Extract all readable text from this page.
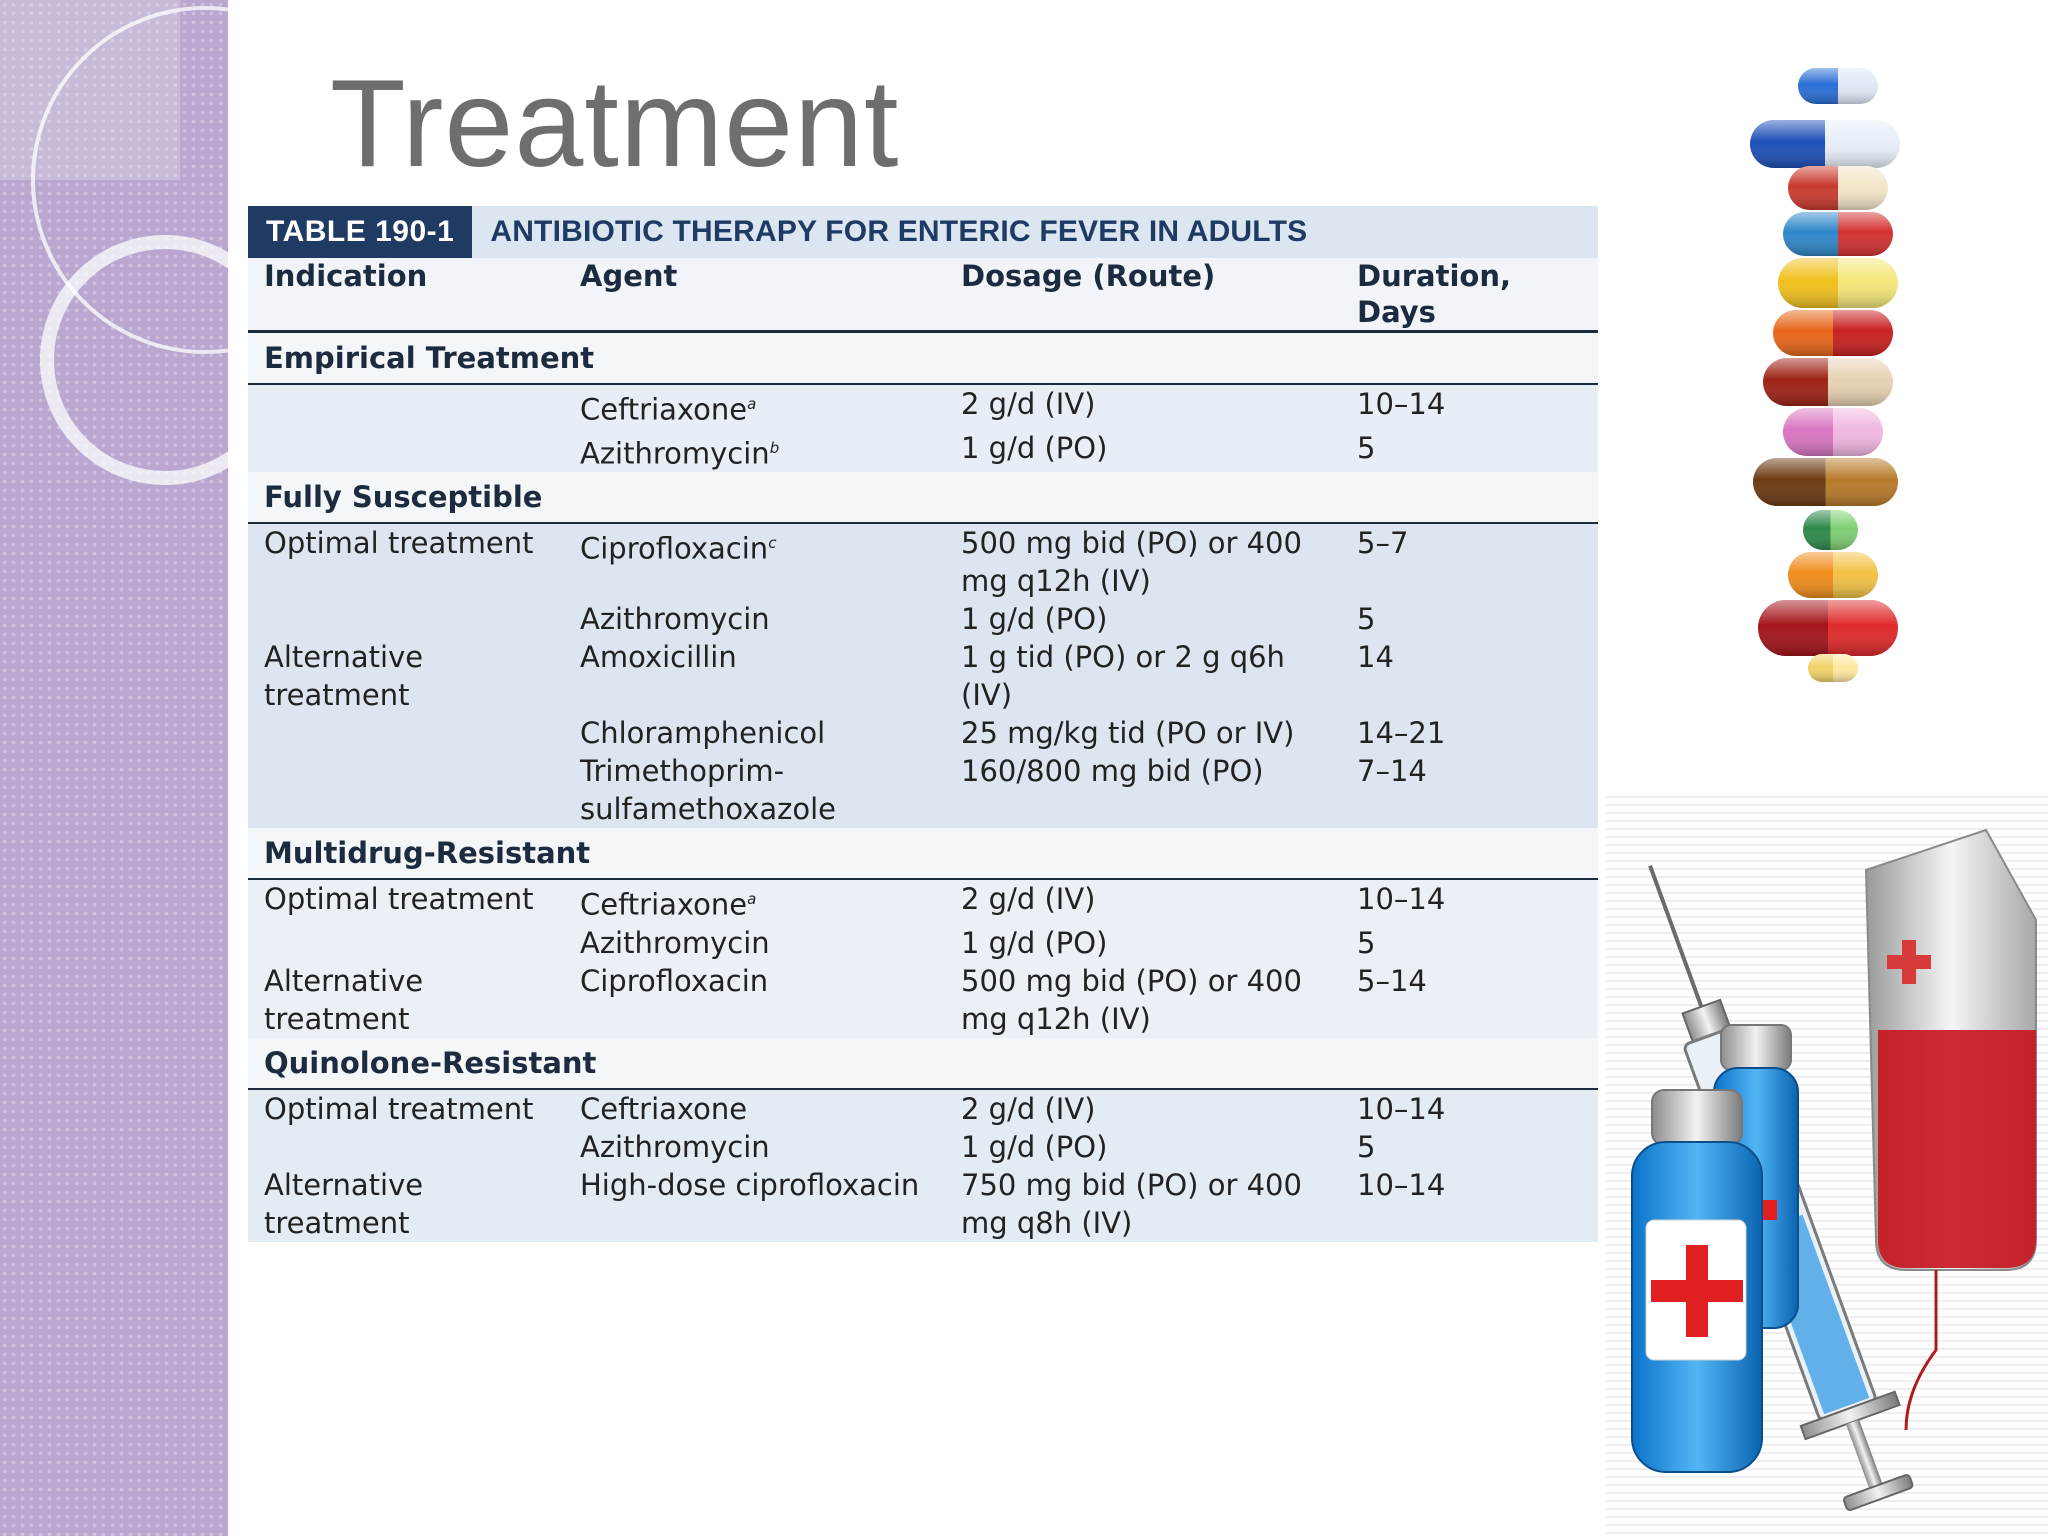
Treatment
TABLE 190-1	ANTIBIOTIC THERAPY FOR ENTERIC FEVER IN ADULTS
Indication	Agent	Dosage (Route)	Duration,
Days
Empirical Treatment			
	Ceftriaxone$^a$	2 g/d (IV)	10–14
	Azithromycin$^b$	1 g/d (PO)	5
Fully Susceptible			
Optimal treatment	Ciprofloxacin$^c$	500 mg bid (PO) or 400 mg q12h (IV)	5–7
	Azithromycin	1 g/d (PO)	5
Alternative treatment	Amoxicillin	1 g tid (PO) or 2 g q6h (IV)	14
	Chloramphenicol	25 mg/kg tid (PO or IV)	14–21
	Trimethoprim-sulfamethoxazole	160/800 mg bid (PO)	7–14
Multidrug-Resistant			
Optimal treatment	Ceftriaxone$^a$	2 g/d (IV)	10–14
	Azithromycin	1 g/d (PO)	5
Alternative treatment	Ciprofloxacin	500 mg bid (PO) or 400 mg q12h (IV)	5–14
Quinolone-Resistant			
Optimal treatment	Ceftriaxone	2 g/d (IV)	10–14
	Azithromycin	1 g/d (PO)	5
Alternative treatment	High-dose ciprofloxacin	750 mg bid (PO) or 400 mg q8h (IV)	10–14
